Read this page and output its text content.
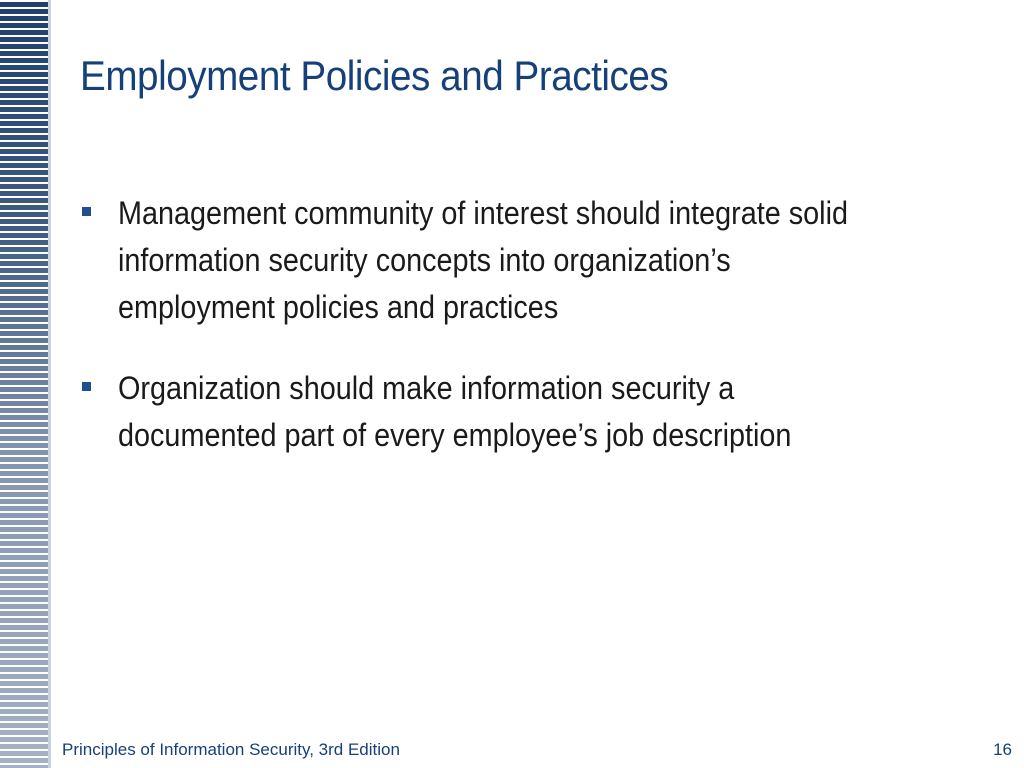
Employment Policies and Practices
Management community of interest should integrate solid information security concepts into organization’s employment policies and practices
Organization should make information security a documented part of every employee’s job description
Principles of Information Security, 3rd Edition	16
